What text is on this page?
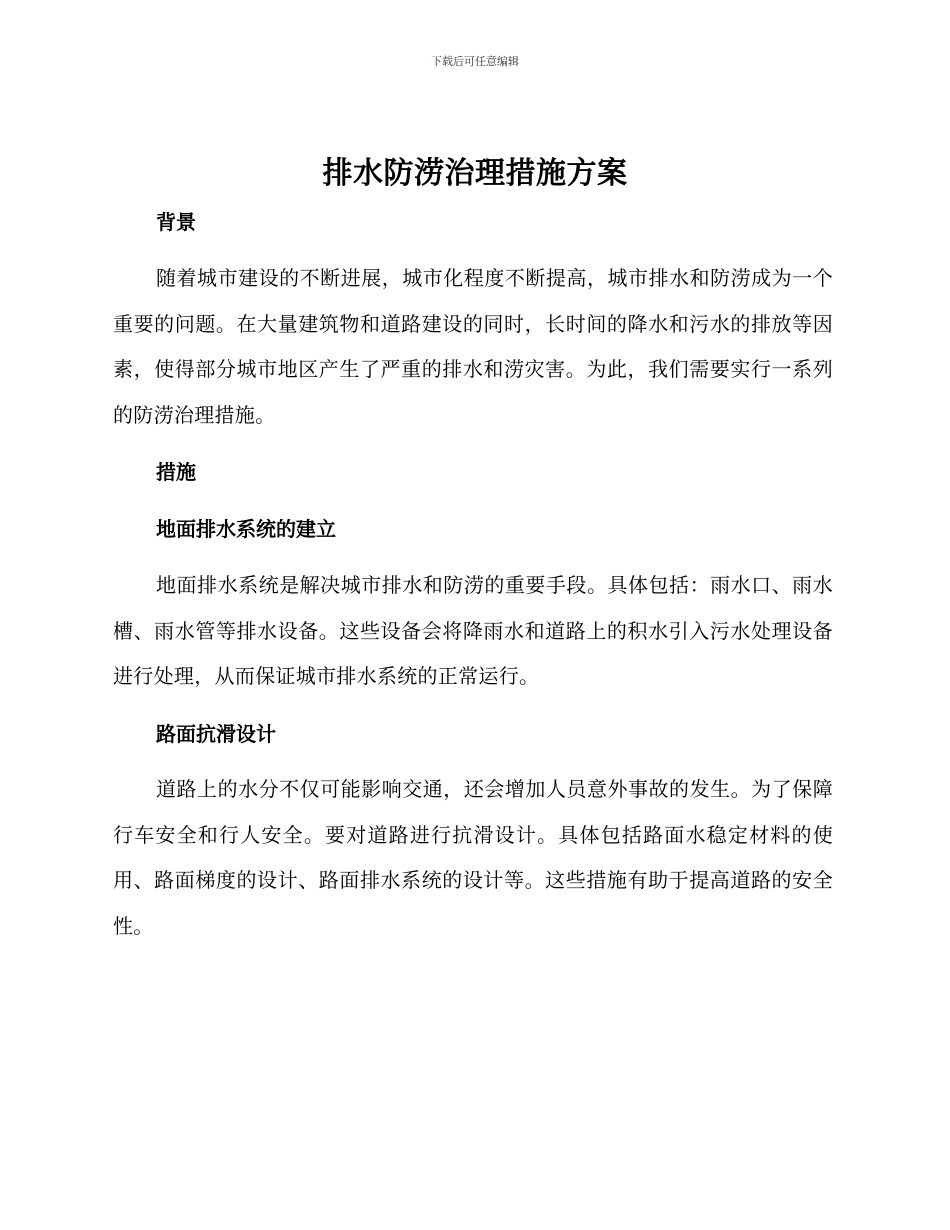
下载后可任意编辑
排水防涝治理措施方案
背景

随着城市建设的不断进展，城市化程度不断提高，城市排水和防涝成为一个重要的问题。在大量建筑物和道路建设的同时，长时间的降水和污水的排放等因素，使得部分城市地区产生了严重的排水和涝灾害。为此，我们需要实行一系列的防涝治理措施。

措施
地面排水系统的建立

地面排水系统是解决城市排水和防涝的重要手段。具体包括：雨水口、雨水槽、雨水管等排水设备。这些设备会将降雨水和道路上的积水引入污水处理设备进行处理，从而保证城市排水系统的正常运行。

路面抗滑设计

道路上的水分不仅可能影响交通，还会增加人员意外事故的发生。为了保障行车安全和行人安全。要对道路进行抗滑设计。具体包括路面水稳定材料的使用、路面梯度的设计、路面排水系统的设计等。这些措施有助于提高道路的安全性。
